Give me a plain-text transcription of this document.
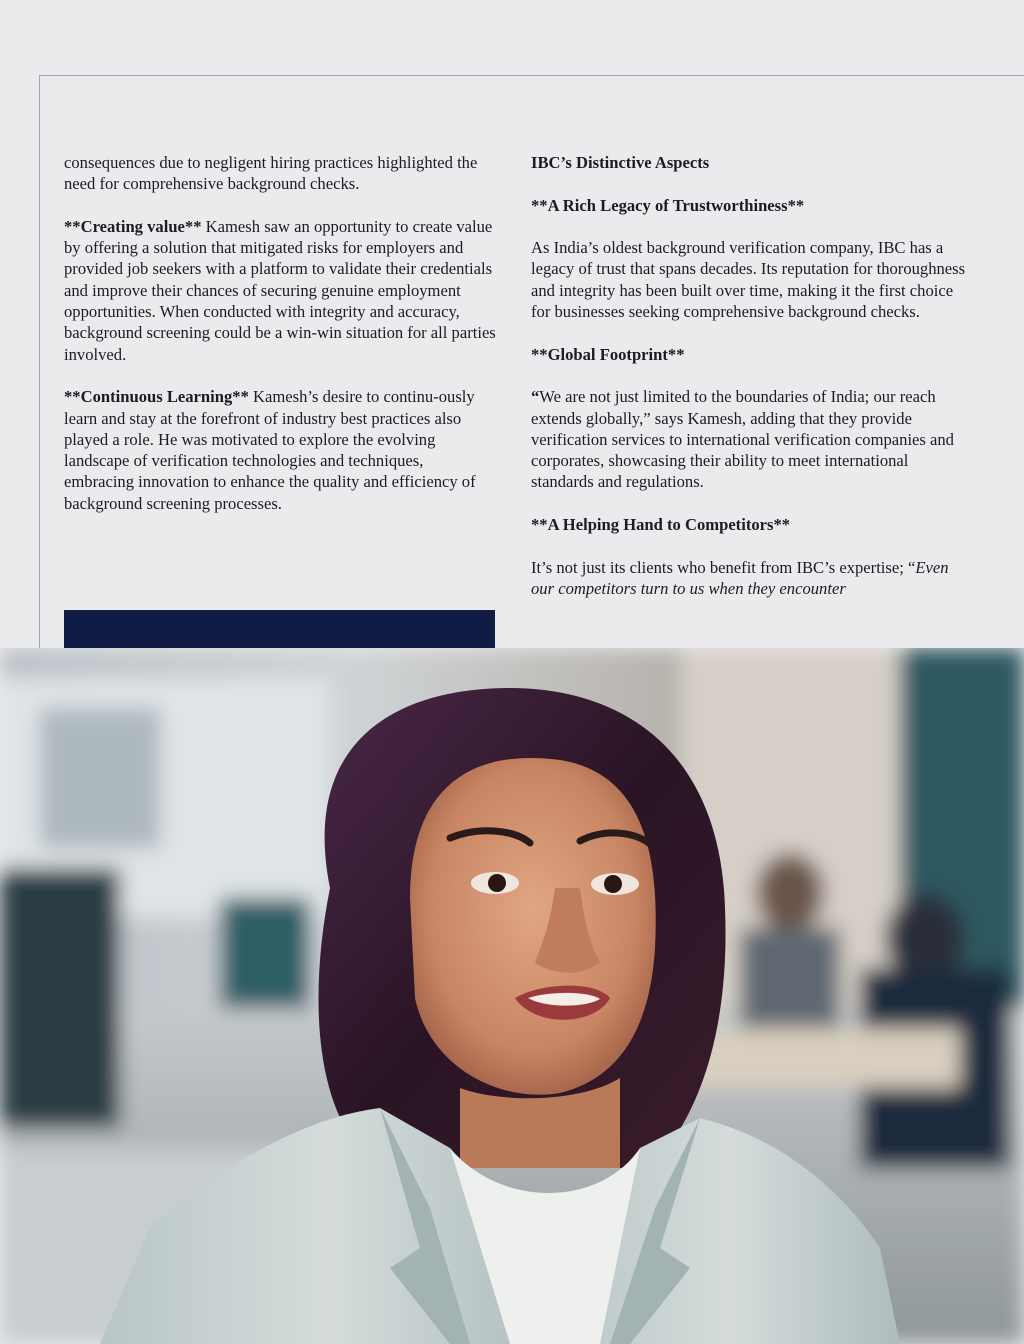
consequences due to negligent hiring practices highlighted the need for comprehensive background checks.

**Creating value** Kamesh saw an opportunity to create value by offering a solution that mitigated risks for employers and provided job seekers with a platform to validate their credentials and improve their chances of securing genuine employment opportunities. When conducted with integrity and accuracy, background screening could be a win-win situation for all parties involved.

**Continuous Learning** Kamesh’s desire to continu-ously learn and stay at the forefront of industry best practices also played a role. He was motivated to explore the evolving landscape of verification technologies and techniques, embracing innovation to enhance the quality and efficiency of background screening processes.

IBC’s Distinctive Aspects
**A Rich Legacy of Trustworthiness**

As India’s oldest background verification company, IBC has a legacy of trust that spans decades. Its reputation for thoroughness and integrity has been built over time, making it the first choice for businesses seeking comprehensive background checks.

**Global Footprint**

“We are not just limited to the boundaries of India; our reach extends globally,” says Kamesh, adding that they provide verification services to international verification companies and corporates, showcasing their ability to meet international standards and regulations.

**A Helping Hand to Competitors**

It’s not just its clients who benefit from IBC’s expertise; “Even our competitors turn to us when they encounter
